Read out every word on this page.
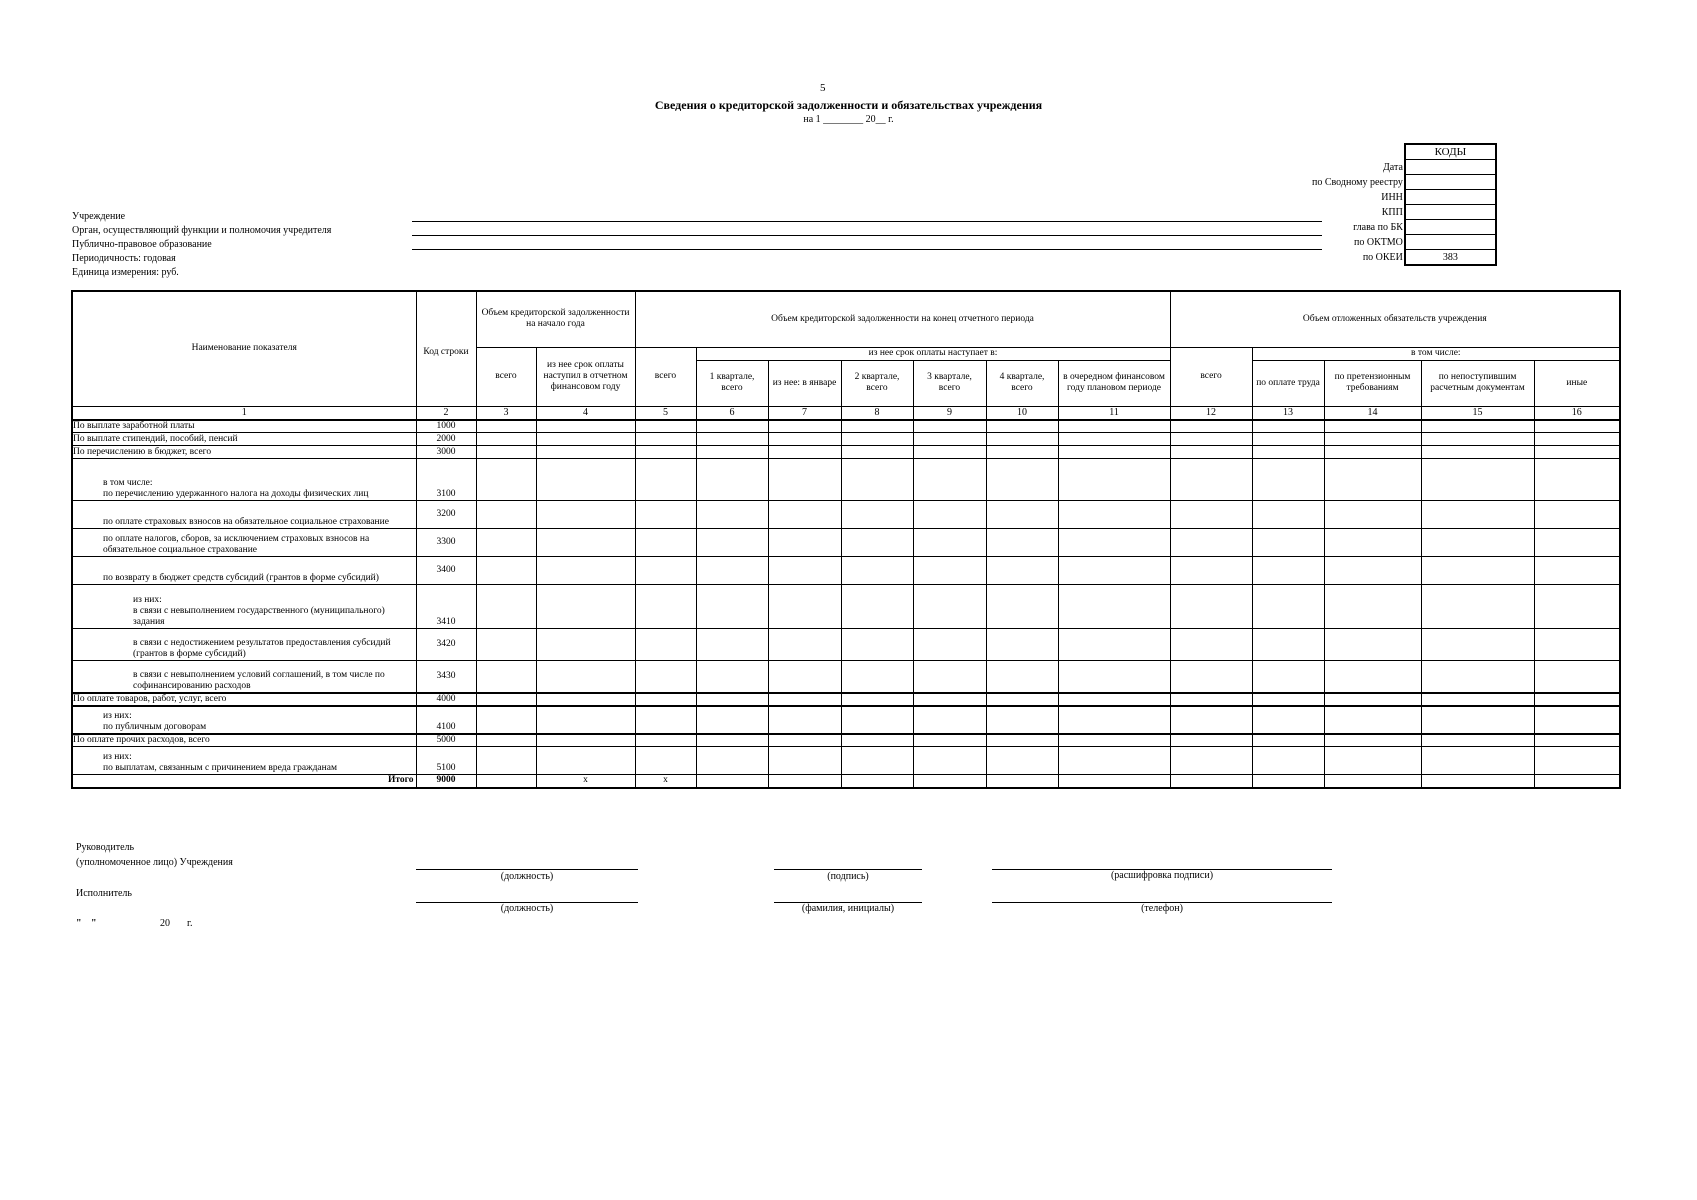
5
Сведения о кредиторской задолженности и обязательствах учреждения
на 1 ________ 20__ г.
	КОДЫ
Дата	
по Сводному реестру	
ИНН	
КПП	
глава по БК	
по ОКТМО	
по ОКЕИ	383
Учреждение
Орган, осуществляющий функции и полномочия учредителя
Публично-правовое образование
Периодичность: годовая
Единица измерения: руб.
Наименование показателя	Код строки	Объем кредиторской задолженности на начало года		Объем кредиторской задолженности на конец отчетного периода							Объем отложенных обязательств учреждения				
		всего	из нее срок оплаты наступил в отчетном финансовом году	всего	из нее срок оплаты наступает в:						всего	в том числе:			
					1 квартале, всего	из нее: в январе	2 квартале, всего	3 квартале, всего	4 квартале, всего	в очередном финансовом году плановом периоде		по оплате труда	по претензионным требованиям	по непоступившим расчетным документам	иные
1	2	3	4	5	6	7	8	9	10	11	12	13	14	15	16

По выплате заработной платы	1000														

По выплате стипендий, пособий, пенсий	2000														

По перечислению в бюджет, всего	3000														

в том числе:
по перечислению удержанного налога на доходы физических лиц	3100														

по оплате страховых взносов на обязательное социальное страхование	3200														

по оплате налогов, сборов, за исключением страховых взносов на обязательное социальное страхование	3300														

по возврату в бюджет средств субсидий (грантов в форме субсидий)	3400														

из них:
в связи с невыполнением государственного (муниципального) задания	3410														

в связи с недостижением результатов предоставления субсидий (грантов в форме субсидий)	3420														

в связи с невыполнением условий соглашений, в том числе по софинансированию расходов	3430														

По оплате товаров, работ, услуг, всего	4000														

из них:
по публичным договорам	4100														

По оплате прочих расходов, всего	5000														

из них:
по выплатам, связанным с причинением вреда гражданам	5100														
Итого	9000		x	x											
Руководитель
(уполномоченное лицо) Учреждения
(должность)	(подпись)	(расшифровка подписи)
Исполнитель
(должность)	(фамилия, инициалы)	(телефон)
" "	20 г.
